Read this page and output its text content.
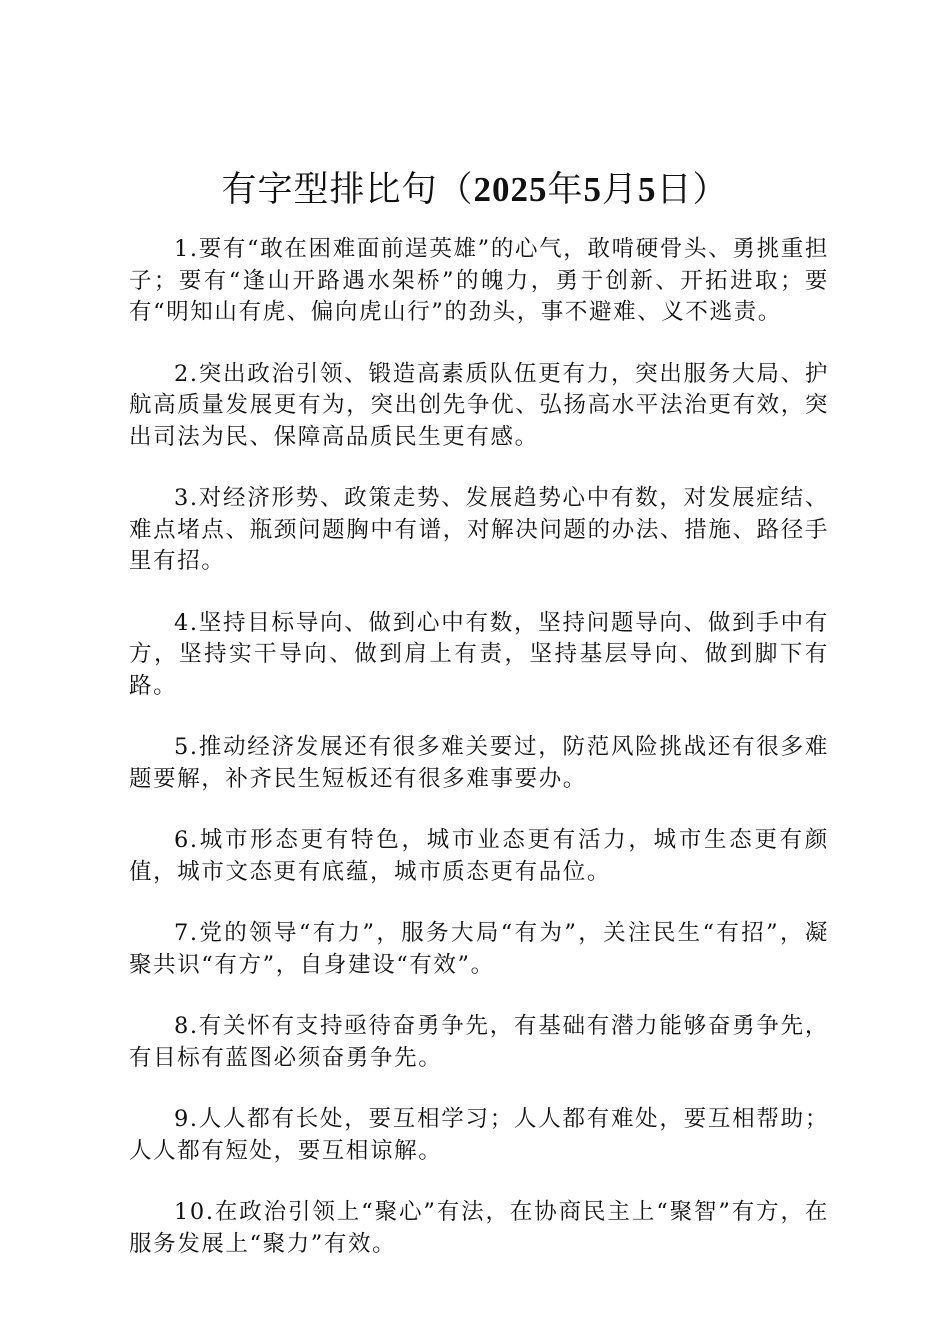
有字型排比句（2025年5月5日）

1.要有“敢在困难面前逞英雄”的心气，敢啃硬骨头、勇挑重担子；要有“逢山开路遇水架桥”的魄力，勇于创新、开拓进取；要有“明知山有虎、偏向虎山行”的劲头，事不避难、义不逃责。

2.突出政治引领、锻造高素质队伍更有力，突出服务大局、护航高质量发展更有为，突出创先争优、弘扬高水平法治更有效，突出司法为民、保障高品质民生更有感。

3.对经济形势、政策走势、发展趋势心中有数，对发展症结、难点堵点、瓶颈问题胸中有谱，对解决问题的办法、措施、路径手里有招。

4.坚持目标导向、做到心中有数，坚持问题导向、做到手中有方，坚持实干导向、做到肩上有责，坚持基层导向、做到脚下有路。

5.推动经济发展还有很多难关要过，防范风险挑战还有很多难题要解，补齐民生短板还有很多难事要办。

6.城市形态更有特色，城市业态更有活力，城市生态更有颜值，城市文态更有底蕴，城市质态更有品位。

7.党的领导“有力”，服务大局“有为”，关注民生“有招”，凝聚共识“有方”，自身建设“有效”。

8.有关怀有支持亟待奋勇争先，有基础有潜力能够奋勇争先，有目标有蓝图必须奋勇争先。

9.人人都有长处，要互相学习；人人都有难处，要互相帮助；人人都有短处，要互相谅解。

10.在政治引领上“聚心”有法，在协商民主上“聚智”有方，在服务发展上“聚力”有效。
